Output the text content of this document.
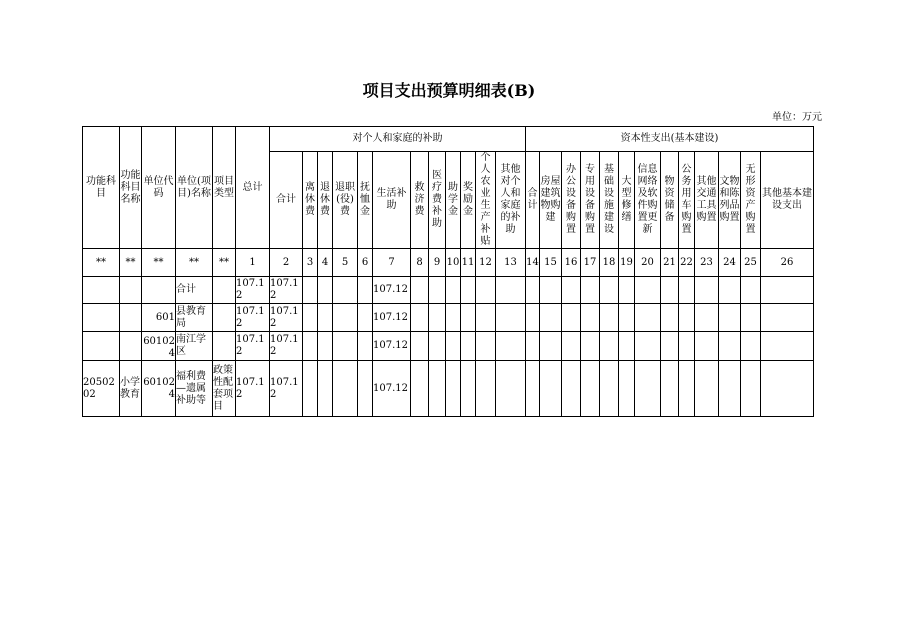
项目支出预算明细表(B)
单位：万元
功能科目	功能科目名称	单位代码	单位(项目)名称	项目类型	总计	对个人和家庭的补助												资本性支出(基本建设)												
						合计	离休费	退休费	退职(役)费	抚恤金	生活补助	救济费	医疗费补助	助学金	奖励金	个人农业生产补贴	其他对个人和家庭的补助	合计	房屋建筑物购建	办公设备购置	专用设备购置	基础设施建设	大型修缮	信息网络及软件购置更新	物资储备	公务用车购置	其他交通工具购置	文物和陈列品购置	无形资产购置	其他基本建设支出
**	**	**	**	**	1	2	3	4	5	6	7	8	9	10	11	12	13	14	15	16	17	18	19	20	21	22	23	24	25	26
			合计		107.12	107.12					107.12																			
		601	县教育局		107.12	107.12					107.12																			
		601024	南江学区		107.12	107.12					107.12																			
2050202	小学教育	601024	福利费—遗属补助等	政策性配套项目	107.12	107.12					107.12																			
